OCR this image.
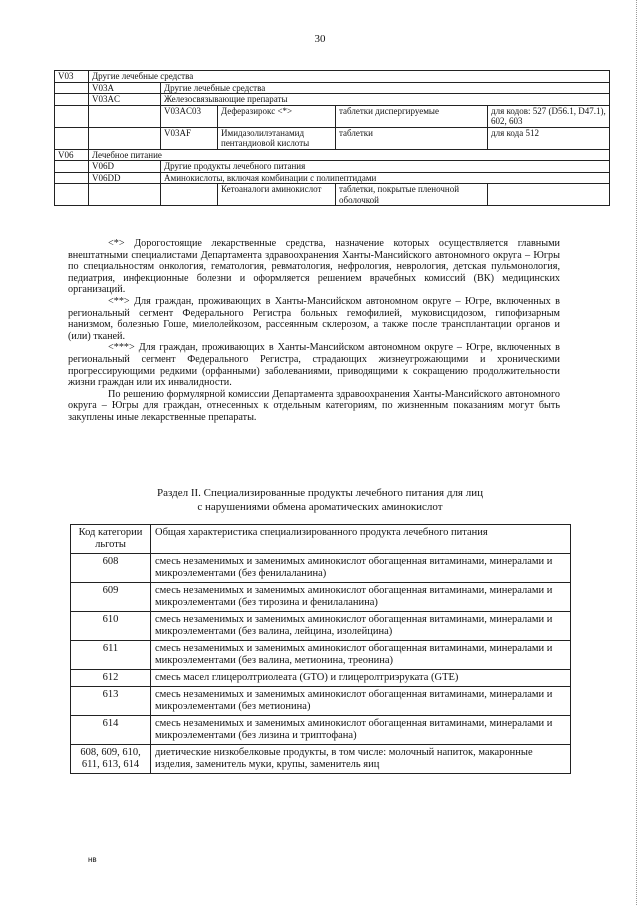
30
V03	Другие лечебные средства				
	V03A	Другие лечебные средства			
	V03AC	Железосвязывающие препараты			
		V03AC03	Деферазирокс <*>	таблетки диспергируемые	для кодов: 527 (D56.1, D47.1), 602, 603
		V03AF	Имидазолилэтанамид пентандиовой кислоты	таблетки	для кода 512
V06	Лечебное питание				
	V06D	Другие продукты лечебного питания			
	V06DD	Аминокислоты, включая комбинации с полипептидами			
			Кетоаналоги аминокислот	таблетки, покрытые пленочной оболочкой	

<*> Дорогостоящие лекарственные средства, назначение которых осуществляется главными внештатными специалистами Департамента здравоохранения Ханты-Мансийского автономного округа – Югры по специальностям онкология, гематология, ревматология, нефрология, неврология, детская пульмонология, педиатрия, инфекционные болезни и оформляется решением врачебных комиссий (ВК) медицинских организаций.

<**> Для граждан, проживающих в Ханты-Мансийском автономном округе – Югре, включенных в региональный сегмент Федерального Регистра больных гемофилией, муковисцидозом, гипофизарным нанизмом, болезнью Гоше, миелолейкозом, рассеянным склерозом, а также после трансплантации органов и (или) тканей.

<***> Для граждан, проживающих в Ханты-Мансийском автономном округе – Югре, включенных в региональный сегмент Федерального Регистра, страдающих жизнеугрожающими и хроническими прогрессирующими редкими (орфанными) заболеваниями, приводящими к сокращению продолжительности жизни граждан или их инвалидности.

По решению формулярной комиссии Департамента здравоохранения Ханты-Мансийского автономного округа – Югры для граждан, отнесенных к отдельным категориям, по жизненным показаниям могут быть закуплены иные лекарственные препараты.

Раздел II. Специализированные продукты лечебного питания для лиц
с нарушениями обмена ароматических аминокислот
Код категории льготы	Общая характеристика специализированного продукта лечебного питания
608	смесь незаменимых и заменимых аминокислот обогащенная витаминами, минералами и микроэлементами (без фенилаланина)
609	смесь незаменимых и заменимых аминокислот обогащенная витаминами, минералами и микроэлементами (без тирозина и фенилаланина)
610	смесь незаменимых и заменимых аминокислот обогащенная витаминами, минералами и микроэлементами (без валина, лейцина, изолейцина)
611	смесь незаменимых и заменимых аминокислот обогащенная витаминами, минералами и микроэлементами (без валина, метионина, треонина)
612	смесь масел глицеролтриолеата (GTO) и глицеролтриэруката (GTE)
613	смесь незаменимых и заменимых аминокислот обогащенная витаминами, минералами и микроэлементами (без метионина)
614	смесь незаменимых и заменимых аминокислот обогащенная витаминами, минералами и микроэлементами (без лизина и триптофана)
608, 609, 610, 611, 613, 614	диетические низкобелковые продукты, в том числе: молочный напиток, макаронные изделия, заменитель муки, крупы, заменитель яиц
нв
